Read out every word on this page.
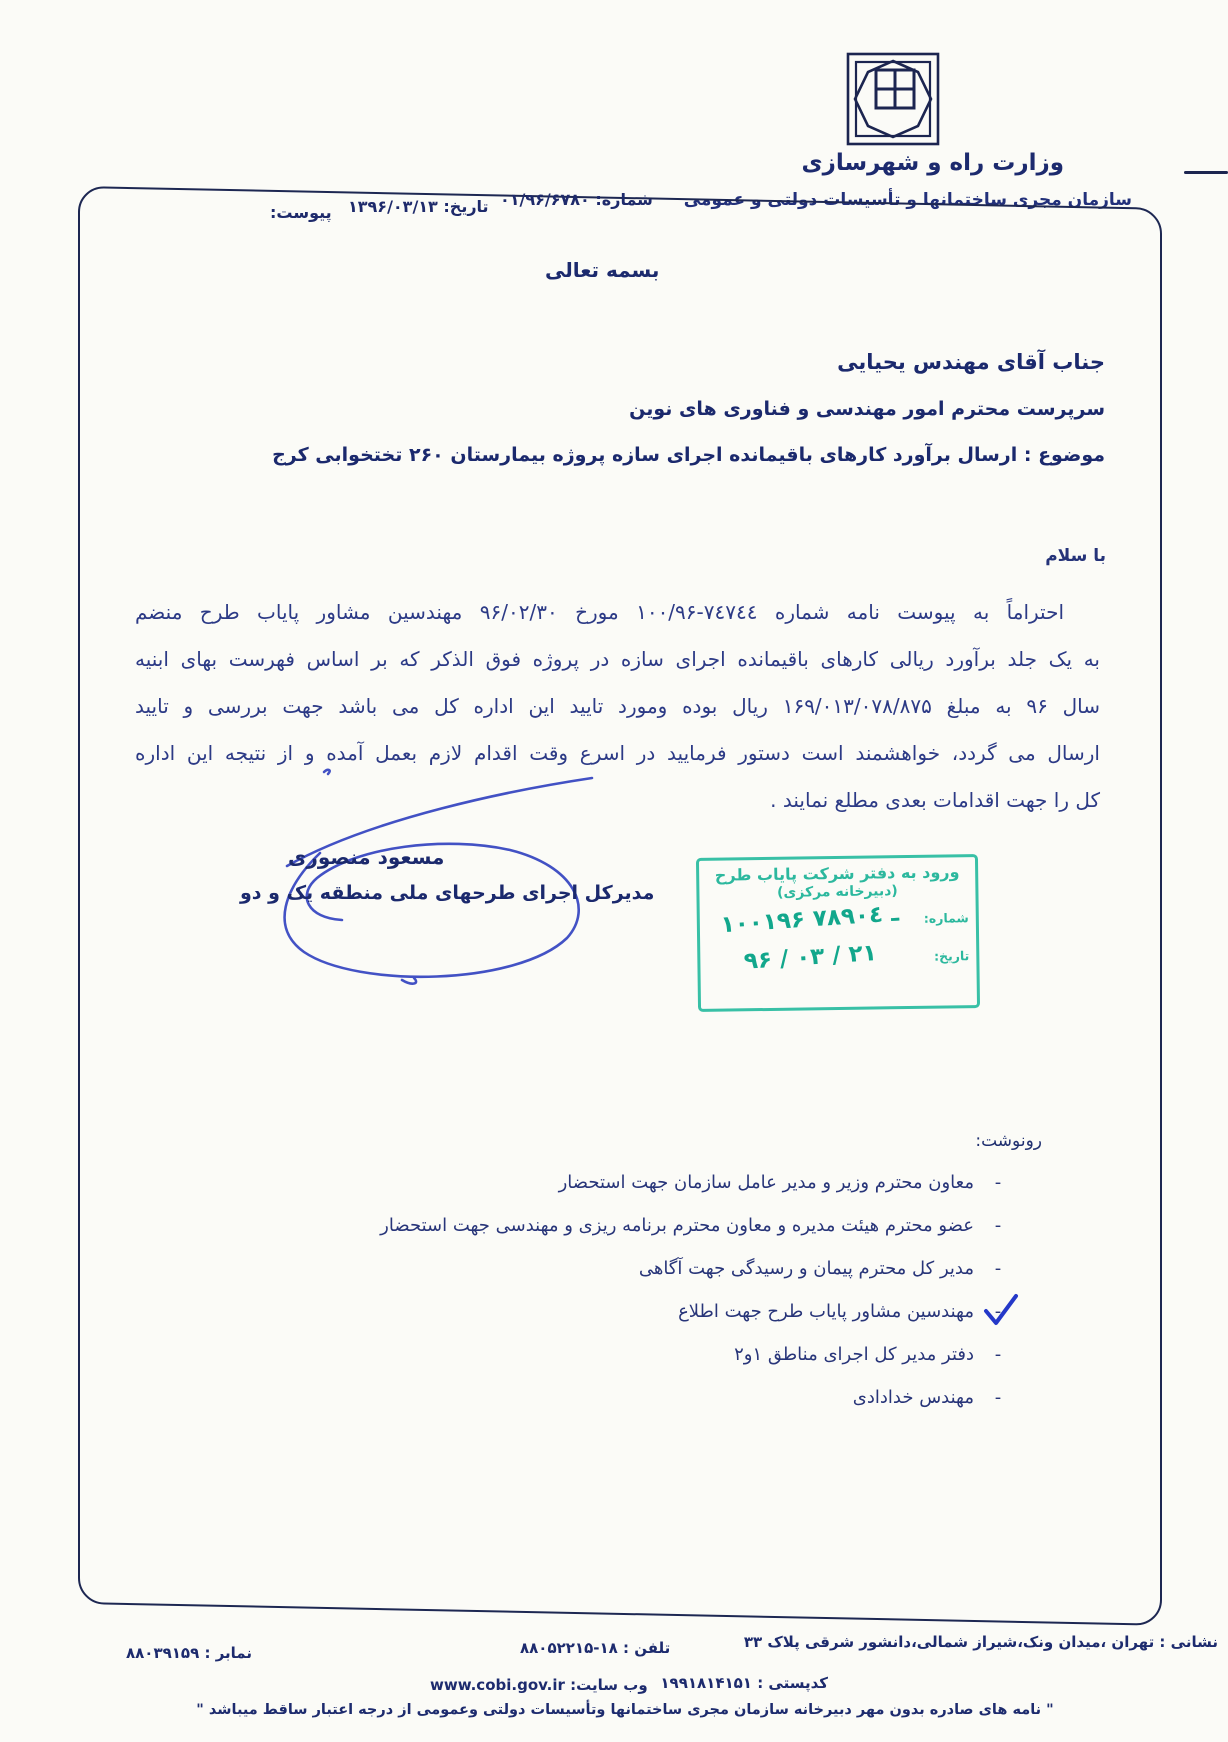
وزارت راه و شهرسازی
سازمان مجری ساختمانها و تأسیسات دولتی و عمومی
شماره: ۰۱/۹۶/۶۷۸۰
تاریخ: ۱۳۹۶/۰۳/۱۳
پیوست:
بسمه تعالی
جناب آقای مهندس یحیایی
سرپرست محترم امور مهندسی و فناوری های نوین
موضوع : ارسال برآورد کارهای باقیمانده اجرای سازه پروژه بیمارستان ۲۶۰ تختخوابی کرج
با سلام
احتراماً به پیوست نامه شماره ⁦۱۰۰/۹۶-۷٤۷٤٤⁩ مورخ ۹۶/۰۲/۳۰ مهندسین مشاور پایاب طرح منضم
به یک جلد برآورد ریالی کارهای باقیمانده اجرای سازه در پروژه فوق الذکر که بر اساس فهرست بهای ابنیه
سال ۹۶ به مبلغ ۱۶۹/۰۱۳/۰۷۸/۸۷۵ ریال بوده ومورد تایید این اداره کل می باشد جهت بررسی و تایید
ارسال می گردد، خواهشمند است دستور فرمایید در اسرع وقت اقدام لازم بعمل آمده و از نتیجه این اداره
کل را جهت اقدامات بعدی مطلع نمایند .
مسعود منصوری
مدیرکل اجرای طرحهای ملی منطقه یک و دو
ورود به دفتر شرکت پایاب طرح
(دبیرخانه مرکزی)
شماره:
⁦۱۰۰۱۹۶ ـ ۷۸۹۰٤⁩
تاریخ:
⁦۹۶ / ۰۳ / ۲۱⁩
رونوشت:
-
معاون محترم وزیر و مدیر عامل سازمان جهت استحضار
-
عضو محترم هیئت مدیره و معاون محترم برنامه ریزی و مهندسی جهت استحضار
-
مدیر کل محترم پیمان و رسیدگی جهت آگاهی
-
مهندسین مشاور پایاب طرح جهت اطلاع
-
دفتر مدیر کل اجرای مناطق ۱و۲
-
مهندس خدادادی
نشانی : تهران ،میدان ونک،شیراز شمالی،دانشور شرقی پلاک ۳۳
تلفن : ۱۸-۸۸۰۵۲۲۱۵
نمابر : ۸۸۰۳۹۱۵۹
کدپستی : ۱۹۹۱۸۱۴۱۵۱
وب سایت: www.cobi.gov.ir
" نامه های صادره بدون مهر دبیرخانه سازمان مجری ساختمانها وتأسیسات دولتی وعمومی از درجه اعتبار ساقط میباشد "
